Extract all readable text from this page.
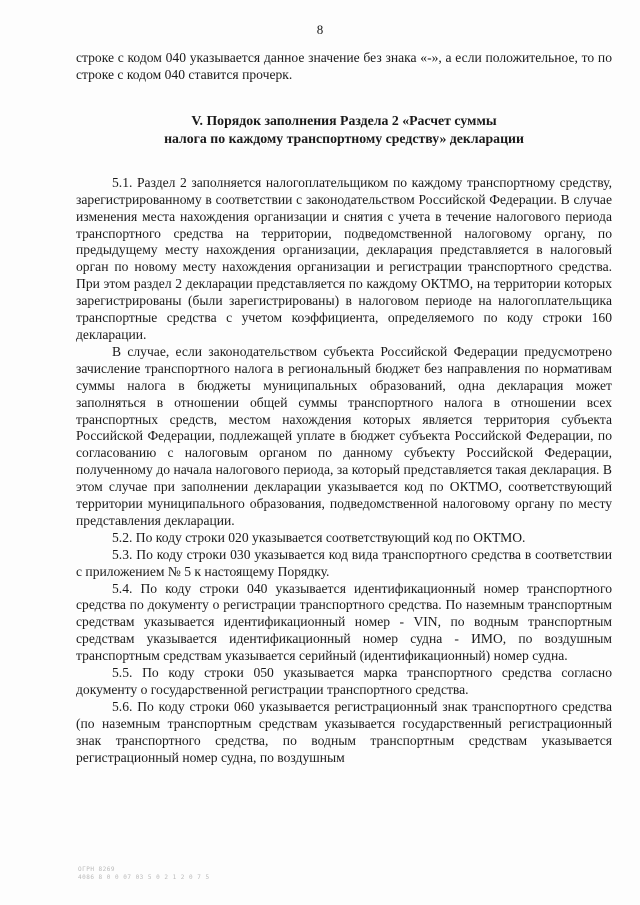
8

строке с кодом 040 указывается данное значение без знака «-», а если положительное, то по строке с кодом 040 ставится прочерк.

V. Порядок заполнения Раздела 2 «Расчет суммы
налога по каждому транспортному средству» декларации

5.1. Раздел 2 заполняется налогоплательщиком по каждому транспортному средству, зарегистрированному в соответствии с законодательством Российской Федерации. В случае изменения места нахождения организации и снятия с учета в течение налогового периода транспортного средства на территории, подведомственной налоговому органу, по предыдущему месту нахождения организации, декларация представляется в налоговый орган по новому месту нахождения организации и регистрации транспортного средства. При этом раздел 2 декларации представляется по каждому ОКТМО, на территории которых зарегистрированы (были зарегистрированы) в налоговом периоде на налогоплательщика транспортные средства с учетом коэффициента, определяемого по коду строки 160 декларации.

В случае, если законодательством субъекта Российской Федерации предусмотрено зачисление транспортного налога в региональный бюджет без направления по нормативам суммы налога в бюджеты муниципальных образований, одна декларация может заполняться в отношении общей суммы транспортного налога в отношении всех транспортных средств, местом нахождения которых является территория субъекта Российской Федерации, подлежащей уплате в бюджет субъекта Российской Федерации, по согласованию с налоговым органом по данному субъекту Российской Федерации, полученному до начала налогового периода, за который представляется такая декларация. В этом случае при заполнении декларации указывается код по ОКТМО, соответствующий территории муниципального образования, подведомственной налоговому органу по месту представления декларации.

5.2. По коду строки 020 указывается соответствующий код по ОКТМО.

5.3. По коду строки 030 указывается код вида транспортного средства в соответствии с приложением № 5 к настоящему Порядку.

5.4. По коду строки 040 указывается идентификационный номер транспортного средства по документу о регистрации транспортного средства. По наземным транспортным средствам указывается идентификационный номер - VIN, по водным транспортным средствам указывается идентификационный номер судна - ИМО, по воздушным транспортным средствам указывается серийный (идентификационный) номер судна.

5.5. По коду строки 050 указывается марка транспортного средства согласно документу о государственной регистрации транспортного средства.

5.6. По коду строки 060 указывается регистрационный знак транспортного средства (по наземным транспортным средствам указывается государственный регистрационный знак транспортного средства, по водным транспортным средствам указывается регистрационный номер судна, по воздушным

ОГРН 8269
4086 8 0 0 07 03 5 0 2 1 2 0 7 5
